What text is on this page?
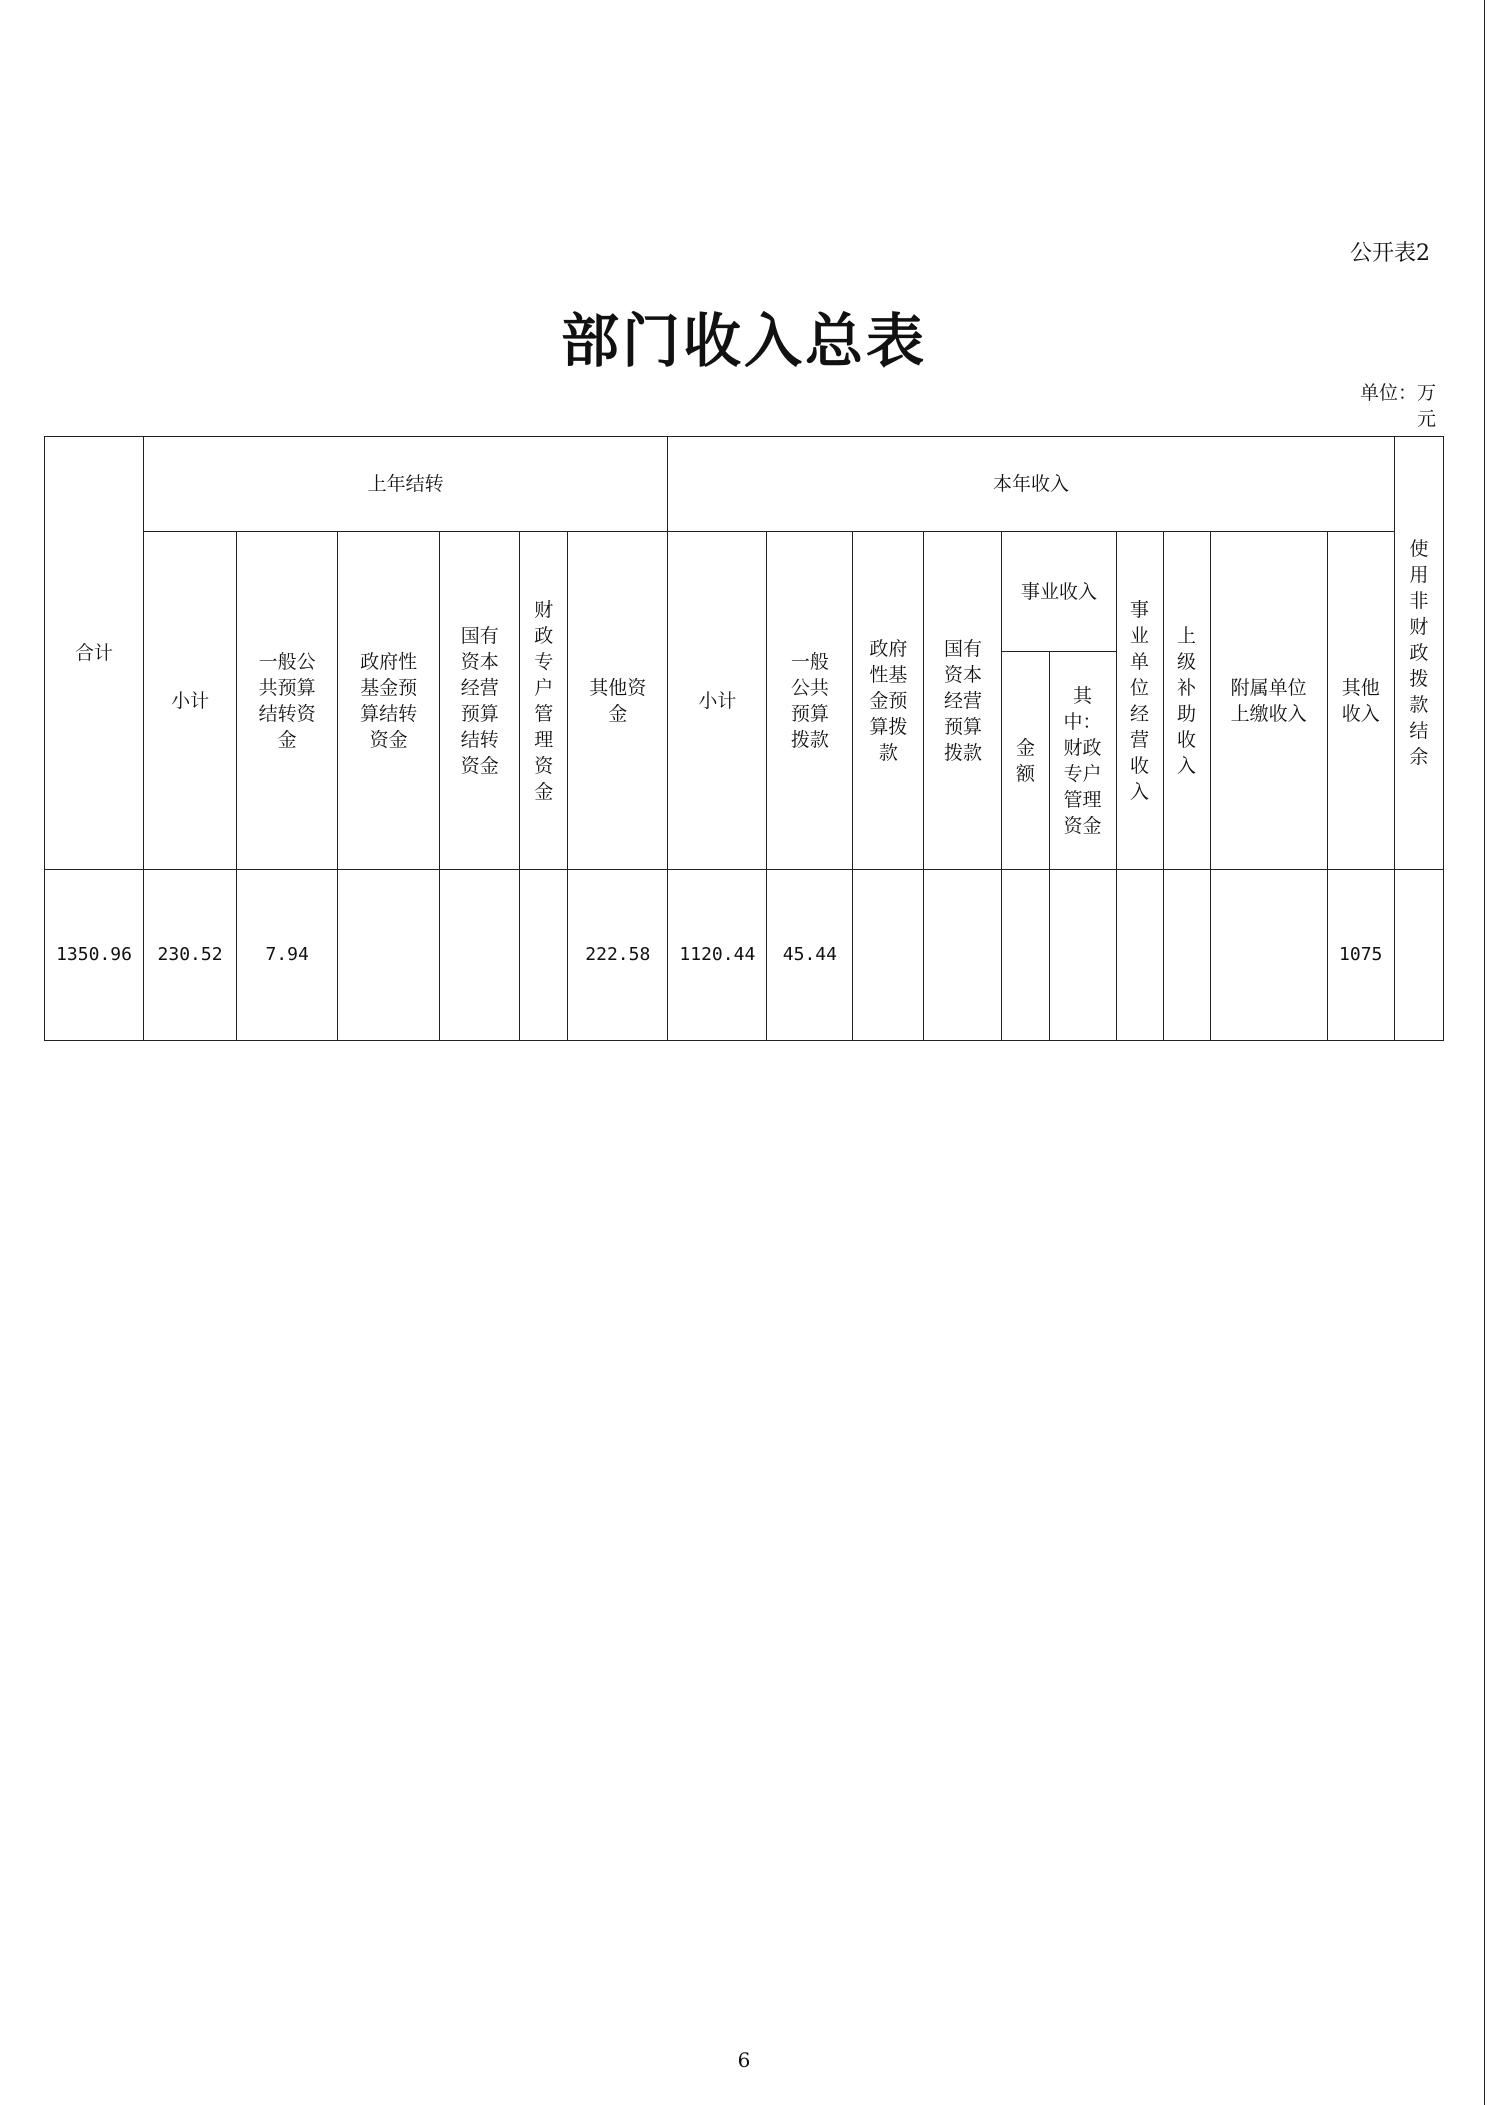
公开表2
部门收入总表
单位：万
元
合计	上年结转						本年收入										使用非财政拨款结余
	小计	一般公共预算结转资金	政府性基金预算结转资金	国有资本经营预算结转资金	财政专户管理资金	其他资金	小计	一般公共预算拨款	政府性基金预算拨款	国有资本经营预算拨款	事业收入		事业单位经营收入	上级补助收入	附属单位上缴收入	其他收入	

											金额	其中：财政专户管理资金					

1350.96	230.52	7.94				222.58	1120.44	45.44								1075	
6
